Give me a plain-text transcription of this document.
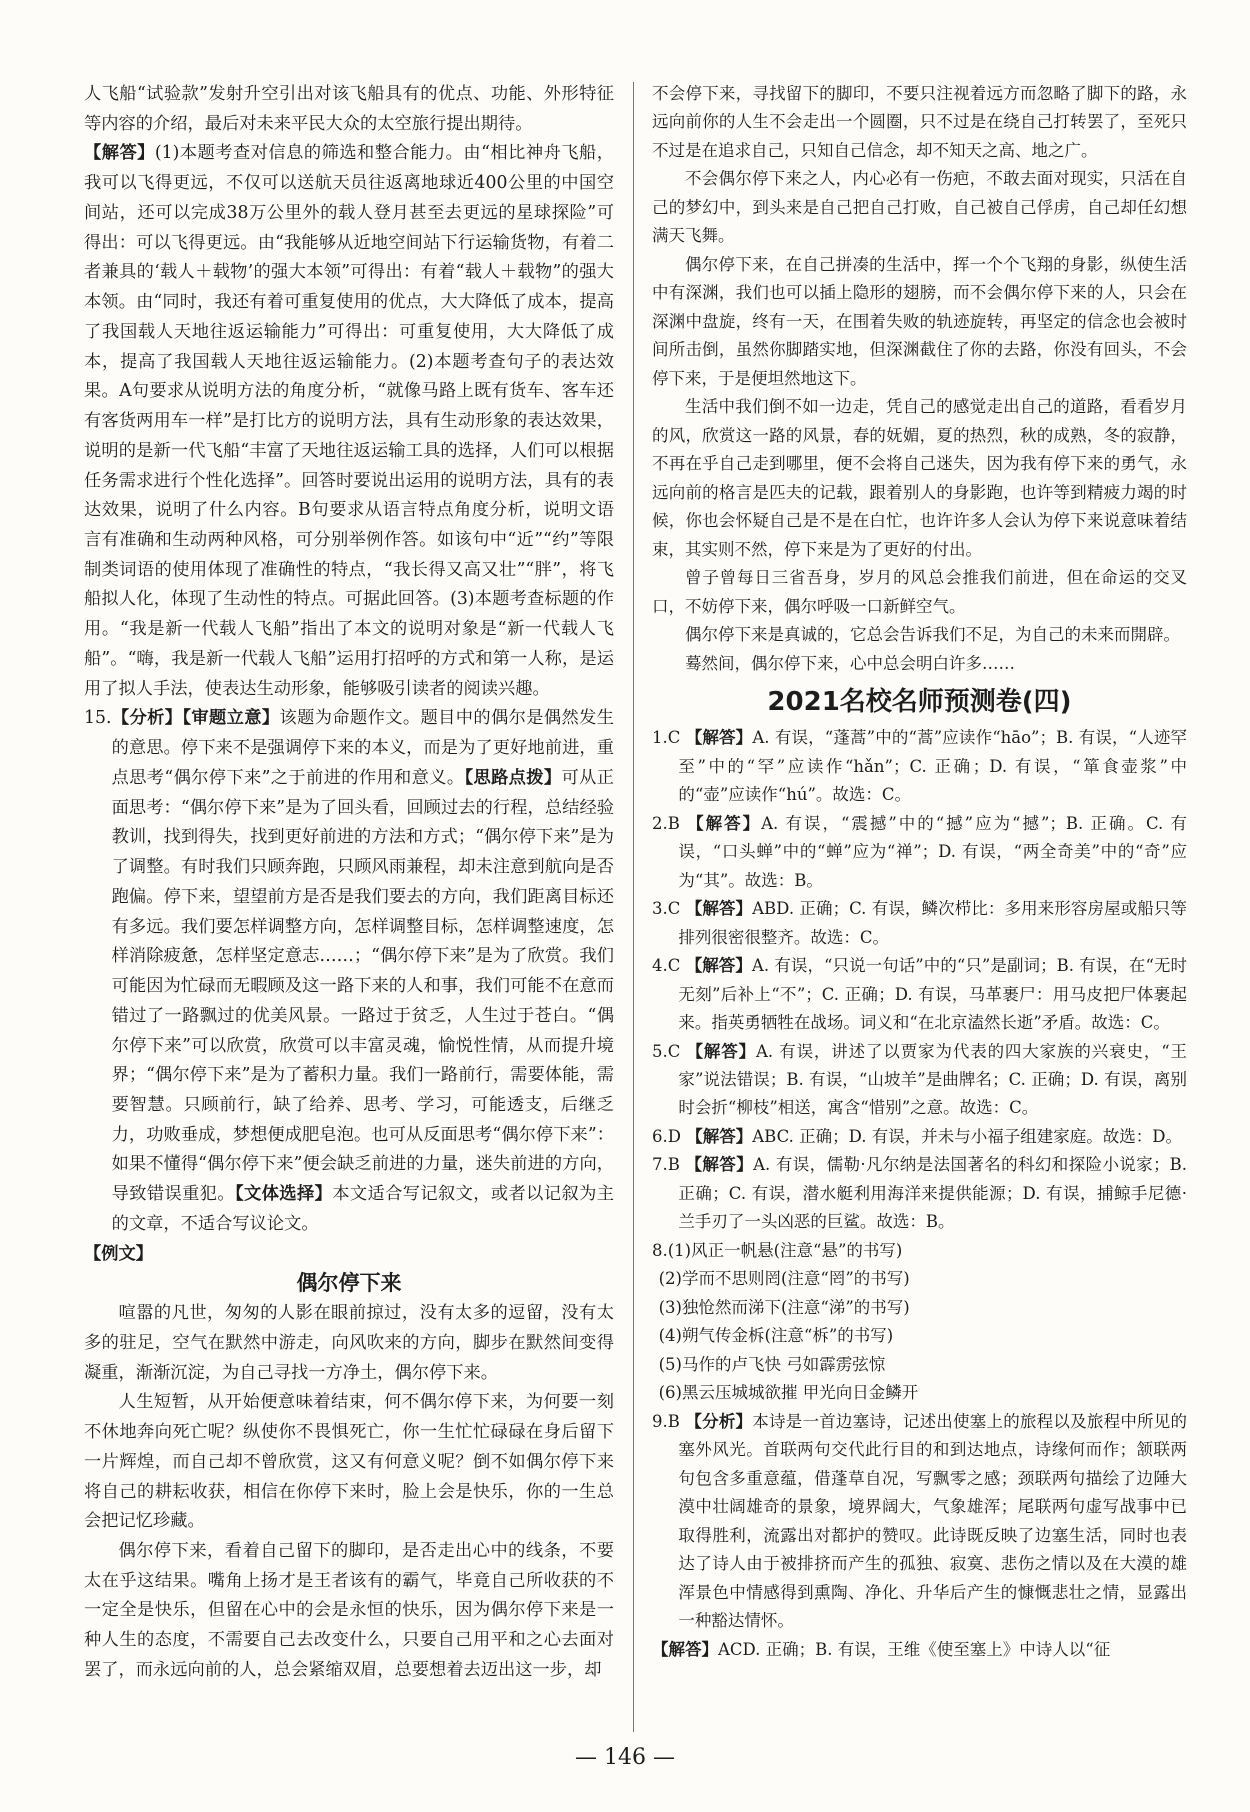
人飞船“试验款”发射升空引出对该飞船具有的优点、功能、外形特征等内容的介绍，最后对未来平民大众的太空旅行提出期待。

【解答】(1)本题考查对信息的筛选和整合能力。由“相比神舟飞船，我可以飞得更远，不仅可以送航天员往返离地球近400公里的中国空间站，还可以完成38万公里外的载人登月甚至去更远的星球探险”可得出：可以飞得更远。由“我能够从近地空间站下行运输货物，有着二者兼具的‘载人＋载物’的强大本领”可得出：有着“载人＋载物”的强大本领。由“同时，我还有着可重复使用的优点，大大降低了成本，提高了我国载人天地往返运输能力”可得出：可重复使用，大大降低了成本，提高了我国载人天地往返运输能力。(2)本题考查句子的表达效果。A句要求从说明方法的角度分析，“就像马路上既有货车、客车还有客货两用车一样”是打比方的说明方法，具有生动形象的表达效果，说明的是新一代飞船“丰富了天地往返运输工具的选择，人们可以根据任务需求进行个性化选择”。回答时要说出运用的说明方法，具有的表达效果，说明了什么内容。B句要求从语言特点角度分析，说明文语言有准确和生动两种风格，可分别举例作答。如该句中“近”“约”等限制类词语的使用体现了准确性的特点，“我长得又高又壮”“胖”，将飞船拟人化，体现了生动性的特点。可据此回答。(3)本题考查标题的作用。“我是新一代载人飞船”指出了本文的说明对象是“新一代载人飞船”。“嗨，我是新一代载人飞船”运用打招呼的方式和第一人称，是运用了拟人手法，使表达生动形象，能够吸引读者的阅读兴趣。

15.【分析】【审题立意】该题为命题作文。题目中的偶尔是偶然发生的意思。停下来不是强调停下来的本义，而是为了更好地前进，重点思考“偶尔停下来”之于前进的作用和意义。【思路点拨】可从正面思考：“偶尔停下来”是为了回头看，回顾过去的行程，总结经验教训，找到得失，找到更好前进的方法和方式；“偶尔停下来”是为了调整。有时我们只顾奔跑，只顾风雨兼程，却未注意到航向是否跑偏。停下来，望望前方是否是我们要去的方向，我们距离目标还有多远。我们要怎样调整方向，怎样调整目标，怎样调整速度，怎样消除疲惫，怎样坚定意志……；“偶尔停下来”是为了欣赏。我们可能因为忙碌而无暇顾及这一路下来的人和事，我们可能不在意而错过了一路飘过的优美风景。一路过于贫乏，人生过于苍白。“偶尔停下来”可以欣赏，欣赏可以丰富灵魂，愉悦性情，从而提升境界；“偶尔停下来”是为了蓄积力量。我们一路前行，需要体能，需要智慧。只顾前行，缺了给养、思考、学习，可能透支，后继乏力，功败垂成，梦想便成肥皂泡。也可从反面思考“偶尔停下来”：如果不懂得“偶尔停下来”便会缺乏前进的力量，迷失前进的方向，导致错误重犯。【文体选择】本文适合写记叙文，或者以记叙为主的文章，不适合写议论文。

【例文】

偶尔停下来

喧嚣的凡世，匆匆的人影在眼前掠过，没有太多的逗留，没有太多的驻足，空气在默然中游走，向风吹来的方向，脚步在默然间变得凝重，渐渐沉淀，为自己寻找一方净土，偶尔停下来。

人生短暂，从开始便意味着结束，何不偶尔停下来，为何要一刻不休地奔向死亡呢？纵使你不畏惧死亡，你一生忙忙碌碌在身后留下一片辉煌，而自己却不曾欣赏，这又有何意义呢？倒不如偶尔停下来将自己的耕耘收获，相信在你停下来时，脸上会是快乐，你的一生总会把记忆珍藏。

偶尔停下来，看着自己留下的脚印，是否走出心中的线条，不要太在乎这结果。嘴角上扬才是王者该有的霸气，毕竟自己所收获的不一定全是快乐，但留在心中的会是永恒的快乐，因为偶尔停下来是一种人生的态度，不需要自己去改变什么，只要自己用平和之心去面对罢了，而永远向前的人，总会紧缩双眉，总要想着去迈出这一步，却

不会停下来，寻找留下的脚印，不要只注视着远方而忽略了脚下的路，永远向前你的人生不会走出一个圆圈，只不过是在绕自己打转罢了，至死只不过是在追求自己，只知自己信念，却不知天之高、地之广。

不会偶尔停下来之人，内心必有一伤疤，不敢去面对现实，只活在自己的梦幻中，到头来是自己把自己打败，自己被自己俘虏，自己却任幻想满天飞舞。

偶尔停下来，在自己拼凑的生活中，挥一个个飞翔的身影，纵使生活中有深渊，我们也可以插上隐形的翅膀，而不会偶尔停下来的人，只会在深渊中盘旋，终有一天，在围着失败的轨迹旋转，再坚定的信念也会被时间所击倒，虽然你脚踏实地，但深渊截住了你的去路，你没有回头，不会停下来，于是便坦然地这下。

生活中我们倒不如一边走，凭自己的感觉走出自己的道路，看看岁月的风，欣赏这一路的风景，春的妩媚，夏的热烈，秋的成熟，冬的寂静，不再在乎自己走到哪里，便不会将自己迷失，因为我有停下来的勇气，永远向前的格言是匹夫的记载，跟着别人的身影跑，也许等到精疲力竭的时候，你也会怀疑自己是不是在白忙，也许许多人会认为停下来说意味着结束，其实则不然，停下来是为了更好的付出。

曾子曾每日三省吾身，岁月的风总会推我们前进，但在命运的交叉口，不妨停下来，偶尔呼吸一口新鲜空气。

偶尔停下来是真诚的，它总会告诉我们不足，为自己的未来而開辟。

蓦然间，偶尔停下来，心中总会明白许多……

2021名校名师预测卷(四)

1.C 【解答】A. 有误，“蓬蒿”中的“蒿”应读作“hāo”；B. 有误，“人迹罕至”中的“罕”应读作“hǎn”；C. 正确；D. 有误，“箪食壶浆”中的“壶”应读作“hú”。故选：C。

2.B 【解答】A. 有误，“震撼”中的“撼”应为“撼”；B. 正确。C. 有误，“口头蝉”中的“蝉”应为“禅”；D. 有误，“两全奇美”中的“奇”应为“其”。故选：B。

3.C 【解答】ABD. 正确；C. 有误，鳞次栉比：多用来形容房屋或船只等排列很密很整齐。故选：C。

4.C 【解答】A. 有误，“只说一句话”中的“只”是副词；B. 有误，在“无时无刻”后补上“不”；C. 正确；D. 有误，马革裹尸：用马皮把尸体裹起来。指英勇牺牲在战场。词义和“在北京溘然长逝”矛盾。故选：C。

5.C 【解答】A. 有误，讲述了以贾家为代表的四大家族的兴衰史，“王家”说法错误；B. 有误，“山坡羊”是曲牌名；C. 正确；D. 有误，离别时会折“柳枝”相送，寓含“惜别”之意。故选：C。

6.D 【解答】ABC. 正确；D. 有误，并未与小福子组建家庭。故选：D。

7.B 【解答】A. 有误，儒勒·凡尔纳是法国著名的科幻和探险小说家；B. 正确；C. 有误，潜水艇利用海洋来提供能源；D. 有误，捕鲸手尼德·兰手刃了一头凶恶的巨鲨。故选：B。

8.(1)风正一帆悬(注意“悬”的书写)

(2)学而不思则罔(注意“罔”的书写)

(3)独怆然而涕下(注意“涕”的书写)

(4)朔气传金柝(注意“柝”的书写)

(5)马作的卢飞快 弓如霹雳弦惊

(6)黑云压城城欲摧 甲光向日金鳞开

9.B 【分析】本诗是一首边塞诗，记述出使塞上的旅程以及旅程中所见的塞外风光。首联两句交代此行目的和到达地点，诗缘何而作；颔联两句包含多重意蕴，借蓬草自况，写飘零之感；颈联两句描绘了边陲大漠中壮阔雄奇的景象，境界阔大，气象雄浑；尾联两句虚写战事中已取得胜利，流露出对都护的赞叹。此诗既反映了边塞生活，同时也表达了诗人由于被排挤而产生的孤独、寂寞、悲伤之情以及在大漠的雄浑景色中情感得到熏陶、净化、升华后产生的慷慨悲壮之情，显露出一种豁达情怀。

【解答】ACD. 正确；B. 有误，王维《使至塞上》中诗人以“征

— 146 —
